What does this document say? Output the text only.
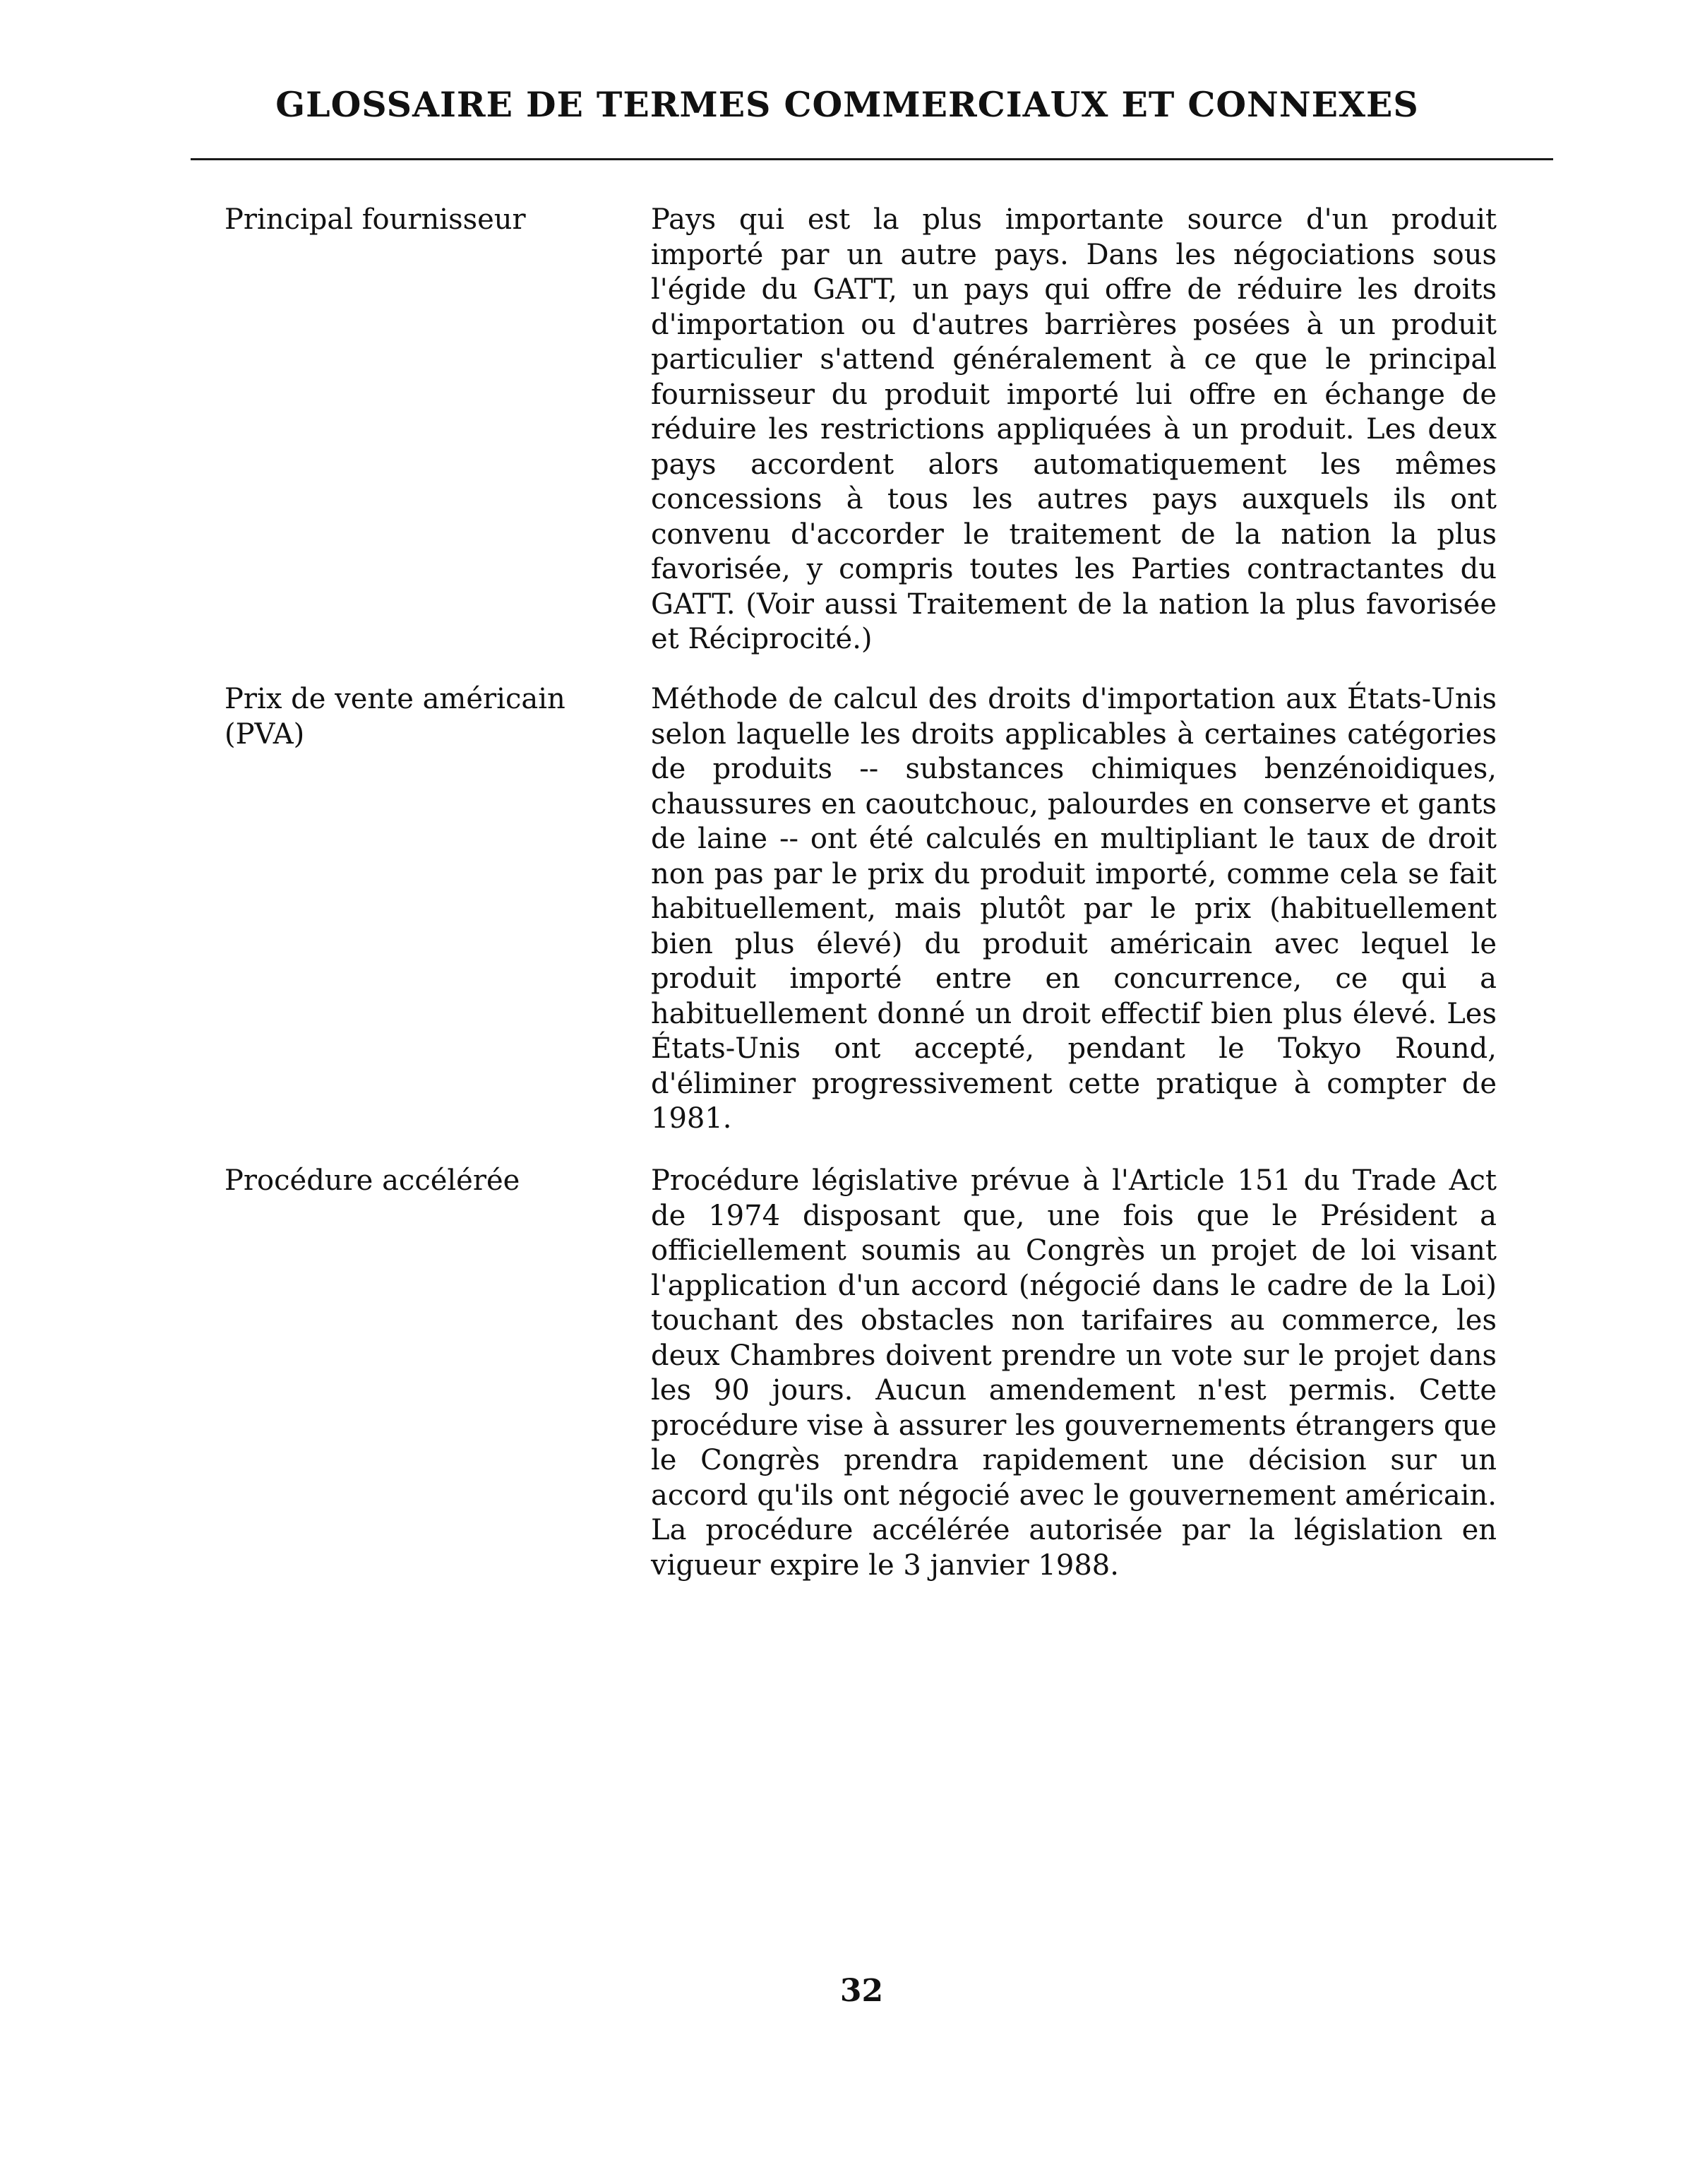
GLOSSAIRE DE TERMES COMMERCIAUX ET CONNEXES
Principal fournisseur	Pays qui est la plus importante source d'un produit importé par un autre pays. Dans les négociations sous l'égide du GATT, un pays qui offre de réduire les droits d'importation ou d'autres barrières posées à un produit particulier s'attend généralement à ce que le principal fournisseur du produit importé lui offre en échange de réduire les restrictions appliquées à un produit. Les deux pays accordent alors automatiquement les mêmes concessions à tous les autres pays auxquels ils ont convenu d'accorder le traitement de la nation la plus favorisée, y compris toutes les Parties contractantes du GATT. (Voir aussi Traitement de la nation la plus favorisée et Réciprocité.)

Prix de vente américain (PVA)

Méthode de calcul des droits d'importation aux États-Unis selon laquelle les droits applicables à certaines catégories de produits -- substances chimiques benzénoidiques, chaussures en caoutchouc, palourdes en conserve et gants de laine -- ont été calculés en multipliant le taux de droit non pas par le prix du produit importé, comme cela se fait habituellement, mais plutôt par le prix (habituellement bien plus élevé) du produit américain avec lequel le produit importé entre en concurrence, ce qui a habituellement donné un droit effectif bien plus élevé. Les États-Unis ont accepté, pendant le Tokyo Round, d'éliminer progressivement cette pratique à compter de 1981.

Procédure accélérée	Procédure législative prévue à l'Article 151 du Trade Act de 1974 disposant que, une fois que le Président a officiellement soumis au Congrès un projet de loi visant l'application d'un accord (négocié dans le cadre de la Loi) touchant des obstacles non tarifaires au commerce, les deux Chambres doivent prendre un vote sur le projet dans les 90 jours. Aucun amendement n'est permis. Cette procédure vise à assurer les gouvernements étrangers que le Congrès prendra rapidement une décision sur un accord qu'ils ont négocié avec le gouvernement américain. La procédure accélérée autorisée par la législation en vigueur expire le 3 janvier 1988.

32
